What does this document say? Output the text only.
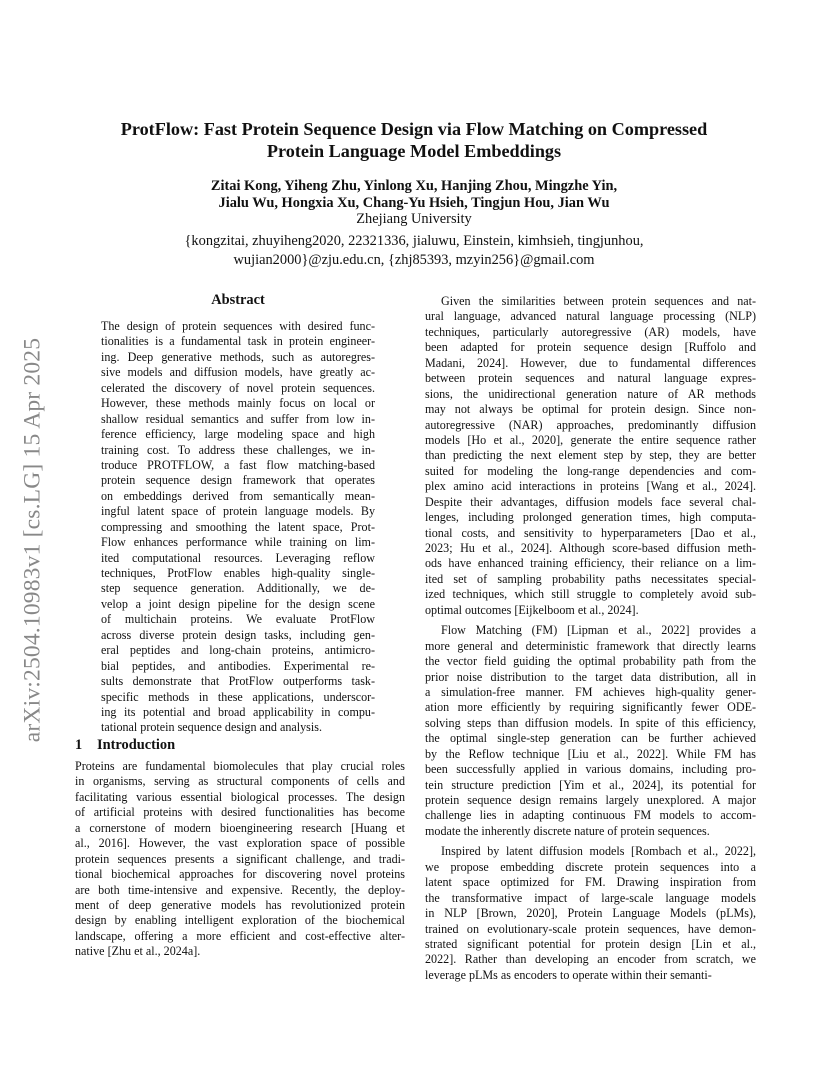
arXiv:2504.10983v1 [cs.LG] 15 Apr 2025
ProtFlow: Fast Protein Sequence Design via Flow Matching on Compressed
Protein Language Model Embeddings
Zitai Kong, Yiheng Zhu, Yinlong Xu, Hanjing Zhou, Mingzhe Yin,
Jialu Wu, Hongxia Xu, Chang-Yu Hsieh, Tingjun Hou, Jian Wu
Zhejiang University
{kongzitai, zhuyiheng2020, 22321336, jialuwu, Einstein, kimhsieh, tingjunhou,
wujian2000}@zju.edu.cn, {zhj85393, mzyin256}@gmail.com
Abstract
The design of protein sequences with desired func-
tionalities is a fundamental task in protein engineer-
ing. Deep generative methods, such as autoregres-
sive models and diffusion models, have greatly ac-
celerated the discovery of novel protein sequences.
However, these methods mainly focus on local or
shallow residual semantics and suffer from low in-
ference efficiency, large modeling space and high
training cost. To address these challenges, we in-
troduce PROTFLOW, a fast flow matching-based
protein sequence design framework that operates
on embeddings derived from semantically mean-
ingful latent space of protein language models. By
compressing and smoothing the latent space, Prot-
Flow enhances performance while training on lim-
ited computational resources. Leveraging reflow
techniques, ProtFlow enables high-quality single-
step sequence generation. Additionally, we de-
velop a joint design pipeline for the design scene
of multichain proteins. We evaluate ProtFlow
across diverse protein design tasks, including gen-
eral peptides and long-chain proteins, antimicro-
bial peptides, and antibodies. Experimental re-
sults demonstrate that ProtFlow outperforms task-
specific methods in these applications, underscor-
ing its potential and broad applicability in compu-
tational protein sequence design and analysis.
1 Introduction
Proteins are fundamental biomolecules that play crucial roles
in organisms, serving as structural components of cells and
facilitating various essential biological processes. The design
of artificial proteins with desired functionalities has become
a cornerstone of modern bioengineering research [Huang et
al., 2016]. However, the vast exploration space of possible
protein sequences presents a significant challenge, and tradi-
tional biochemical approaches for discovering novel proteins
are both time-intensive and expensive. Recently, the deploy-
ment of deep generative models has revolutionized protein
design by enabling intelligent exploration of the biochemical
landscape, offering a more efficient and cost-effective alter-
native [Zhu et al., 2024a].
Given the similarities between protein sequences and nat-
ural language, advanced natural language processing (NLP)
techniques, particularly autoregressive (AR) models, have
been adapted for protein sequence design [Ruffolo and
Madani, 2024]. However, due to fundamental differences
between protein sequences and natural language expres-
sions, the unidirectional generation nature of AR methods
may not always be optimal for protein design. Since non-
autoregressive (NAR) approaches, predominantly diffusion
models [Ho et al., 2020], generate the entire sequence rather
than predicting the next element step by step, they are better
suited for modeling the long-range dependencies and com-
plex amino acid interactions in proteins [Wang et al., 2024].
Despite their advantages, diffusion models face several chal-
lenges, including prolonged generation times, high computa-
tional costs, and sensitivity to hyperparameters [Dao et al.,
2023; Hu et al., 2024]. Although score-based diffusion meth-
ods have enhanced training efficiency, their reliance on a lim-
ited set of sampling probability paths necessitates special-
ized techniques, which still struggle to completely avoid sub-
optimal outcomes [Eijkelboom et al., 2024].
Flow Matching (FM) [Lipman et al., 2022] provides a
more general and deterministic framework that directly learns
the vector field guiding the optimal probability path from the
prior noise distribution to the target data distribution, all in
a simulation-free manner. FM achieves high-quality gener-
ation more efficiently by requiring significantly fewer ODE-
solving steps than diffusion models. In spite of this efficiency,
the optimal single-step generation can be further achieved
by the Reflow technique [Liu et al., 2022]. While FM has
been successfully applied in various domains, including pro-
tein structure prediction [Yim et al., 2024], its potential for
protein sequence design remains largely unexplored. A major
challenge lies in adapting continuous FM models to accom-
modate the inherently discrete nature of protein sequences.
Inspired by latent diffusion models [Rombach et al., 2022],
we propose embedding discrete protein sequences into a
latent space optimized for FM. Drawing inspiration from
the transformative impact of large-scale language models
in NLP [Brown, 2020], Protein Language Models (pLMs),
trained on evolutionary-scale protein sequences, have demon-
strated significant potential for protein design [Lin et al.,
2022]. Rather than developing an encoder from scratch, we
leverage pLMs as encoders to operate within their semanti-
